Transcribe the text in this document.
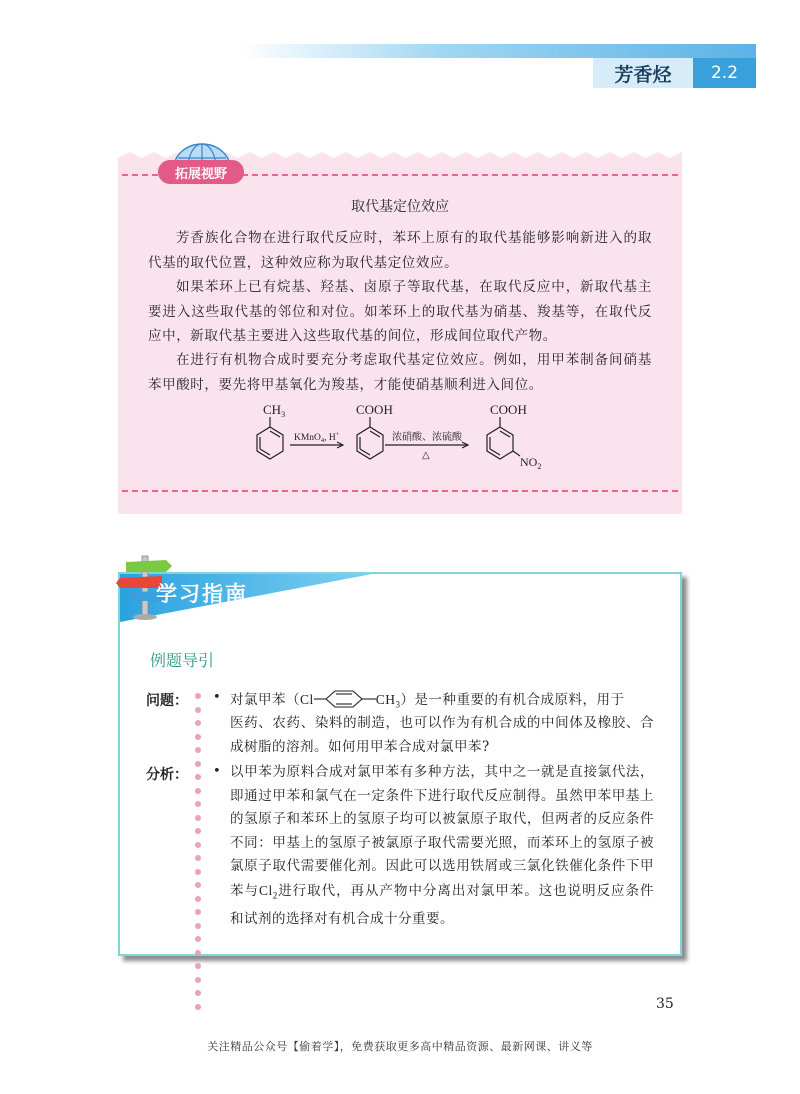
芳香烃	2.2
拓展视野
取代基定位效应
芳香族化合物在进行取代反应时，苯环上原有的取代基能够影响新进入的取代基的取代位置，这种效应称为取代基定位效应。
如果苯环上已有烷基、羟基、卤原子等取代基，在取代反应中，新取代基主要进入这些取代基的邻位和对位。如苯环上的取代基为硝基、羧基等，在取代反应中，新取代基主要进入这些取代基的间位，形成间位取代产物。
在进行有机物合成时要充分考虑取代基定位效应。例如，用甲苯制备间硝基苯甲酸时，要先将甲基氧化为羧基，才能使硝基顺利进入间位。
$CH_3$
KMnO$_4$, H+
COOH
浓硝酸、浓硫酸
△
COOH
$NO_2$
学习指南
例题导引
问题： • 对氯甲苯（Cl	$CH_3$）是一种重要的有机合成原料，用于
医药、农药、染料的制造，也可以作为有机合成的中间体及橡胶、合成树脂的溶剂。如何用甲苯合成对氯甲苯?
分析： • 以甲苯为原料合成对氯甲苯有多种方法，其中之一就是直接氯代法，即通过甲苯和氯气在一定条件下进行取代反应制得。虽然甲苯甲基上的氢原子和苯环上的氢原子均可以被氯原子取代，但两者的反应条件不同：甲基上的氢原子被氯原子取代需要光照，而苯环上的氢原子被氯原子取代需要催化剂。因此可以选用铁屑或三氯化铁催化条件下甲苯与$Cl_2$进行取代，再从产物中分离出对氯甲苯。这也说明反应条件和试剂的选择对有机合成十分重要。
35
关注精品公众号【偷着学】，免费获取更多高中精品资源、最新网课、讲义等
